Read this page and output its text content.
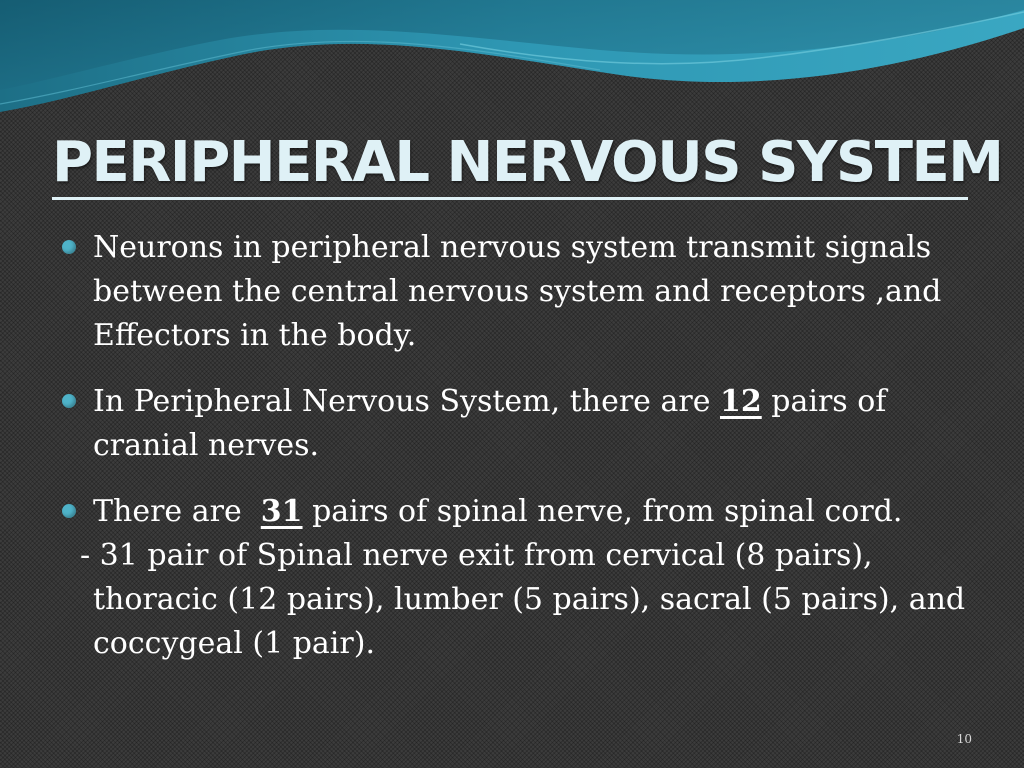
PERIPHERAL NERVOUS SYSTEM

Neurons in peripheral nervous system transmit signals between the central nervous system and receptors ,and Effectors in the body.

In Peripheral Nervous System, there are 12 pairs of cranial nerves.

There are  31 pairs of spinal nerve, from spinal cord.

- 31 pair of Spinal nerve exit from cervical (8 pairs), thoracic (12 pairs), lumber (5 pairs), sacral (5 pairs), and coccygeal (1 pair).

10
